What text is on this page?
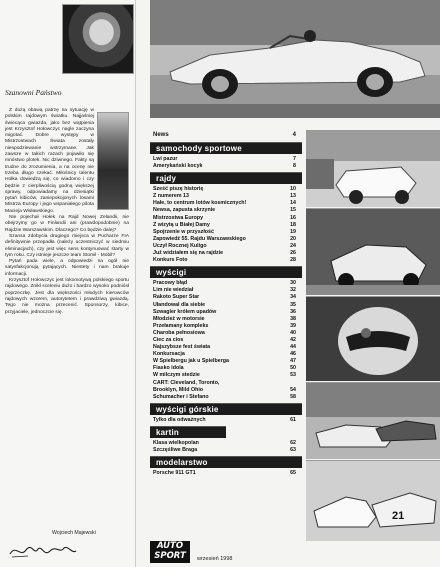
Szanowni Państwo

Z dużą obawą patrzę na sytuację w polskim rajdowym światku. Najjaśniej świecąca gwiazda, jako bez wątpienia jest Krzysztof Hołowczyc nagle zaczyna migotać. Dobre występy w Mistrzostwach Świata zostały niespodziewanie wstrzymane. Jak zawsze w takich razach pojawiło się mnóstwo plotek. Nic dziwnego. Fakty są trudne do zrozumienia, a na ocenę nie trzeba długo czekać. Miłośnicy talentu Hołka dowiedzą się, co wiadomo i czy będzie z cierpliwością godną większej sprawy, odpowiadamy na dziesiątki pytań kibiców, zaniepokojonych losami Mistrza Europy i jego wspaniałego pilota Macieja Wisławskiego.

Nie pojechał Hołek na Rajd Nowej Zelandii, nie obejrzymy go w Finlandii ani (prawdopodobnie) na Rajdzie Warszawskim. Dlaczego? Co będzie dalej?

Szansa zdobycia drugiego miejsca w Pucharze FIA definitywnie przepadła (należy uczestniczyć w siedmiu eliminacjach), czy jest więc sens kontynuować starty w tym roku. Czy istnieje jeszcze team Stomil - Mobil?

Pytań pada wiele, a odpowiedzi na ogół nie satysfakcjonują pytających. Niestety i nam brakuje informacji.

Krzysztof Hołowczyc jest lokomotywą polskiego sportu rajdowego. Znikł sceleniu dużo i bardzo wysoko podniósł poprzeczkę. Jest dla większości młodych kierowców rajdowych wzorem, autorytetem i prawdziwą gwiazdą. Tego nie można przecenić. Sponsorzy, kibice, przyjaciele, jednoczcie się.

Wojciech Majewski
News	4
samochody sportowe
Lwi pazur	7
Amerykański kocyk	8
rajdy
Sześć piszę historię	10
Z numerem 13	13
Hałe, to centrum lotów kosmicznych!	14
Newsa, zapusta skrzynie	15
Mistrzostwa Europy	16
Z wizytą u Białej Damy	18
Spojrzenie w przyszłość	19
Zapowiedź 55. Rajdu Warszawskiego	20
Uczył Rocznej Kuligo	24
Już widziałem się na rajdzie	26
Konkurs Foto	28
wyścigi
Pracowy błąd	30
Lim nie wiedział	32
Rakoto Super Star	34
Ułandowal dla siebie	35
Szwagier królem upadów	36
Młodzież w motorsie	38
Przełamany kompleks	39
Charoba pełnosiowa	40
Ciec za cios	42
Najszybsze fest świata	44
Konkursacja	46
W Spielbergu jak u Spielberga	47
Fiasko idola	50
W milczym stedzie	53
CART: Cleveland, Toronto,
Brooklyn, Mild Ohio	54
Schumacher i Stefano	58
wyścigi górskie
Tylko dla odważnych	61
kartin
Klasa wielkopolan	62
Szczęśliwe Braga	63
modelarstwo
Porsche 911 GT1	65
21
AUTO
SPORT	wrzesień 1998
